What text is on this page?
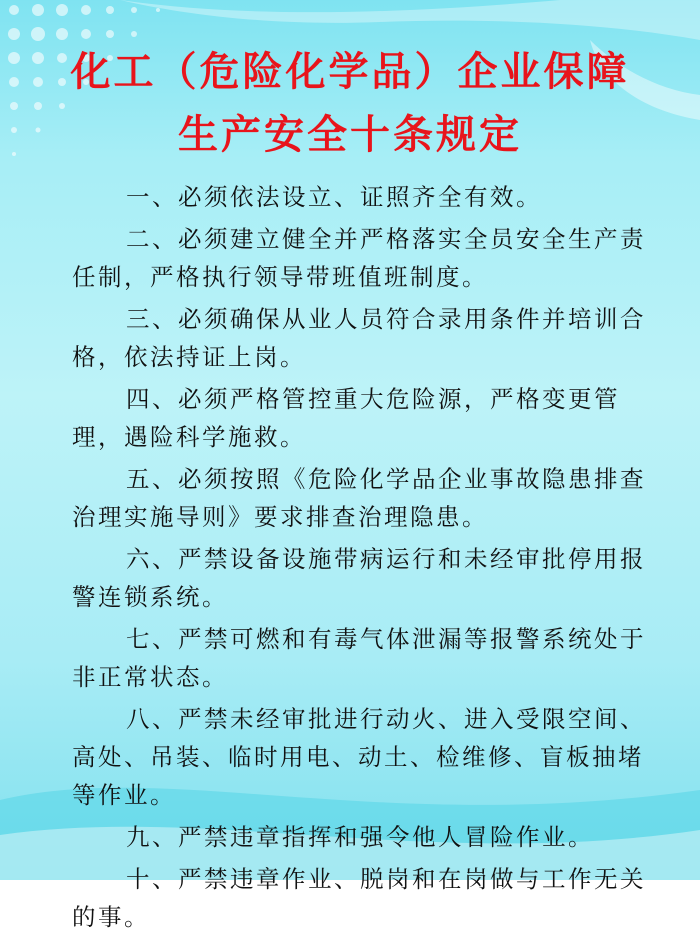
化工（危险化学品）企业保障
生产安全十条规定
一、必须依法设立、证照齐全有效。
二、必须建立健全并严格落实全员安全生产责任制，严格执行领导带班值班制度。
三、必须确保从业人员符合录用条件并培训合格，依法持证上岗。
四、必须严格管控重大危险源，严格变更管理，遇险科学施救。
五、必须按照《危险化学品企业事故隐患排查治理实施导则》要求排查治理隐患。
六、严禁设备设施带病运行和未经审批停用报警连锁系统。
七、严禁可燃和有毒气体泄漏等报警系统处于非正常状态。
八、严禁未经审批进行动火、进入受限空间、高处、吊装、临时用电、动土、检维修、盲板抽堵等作业。
九、严禁违章指挥和强令他人冒险作业。
十、严禁违章作业、脱岗和在岗做与工作无关的事。
